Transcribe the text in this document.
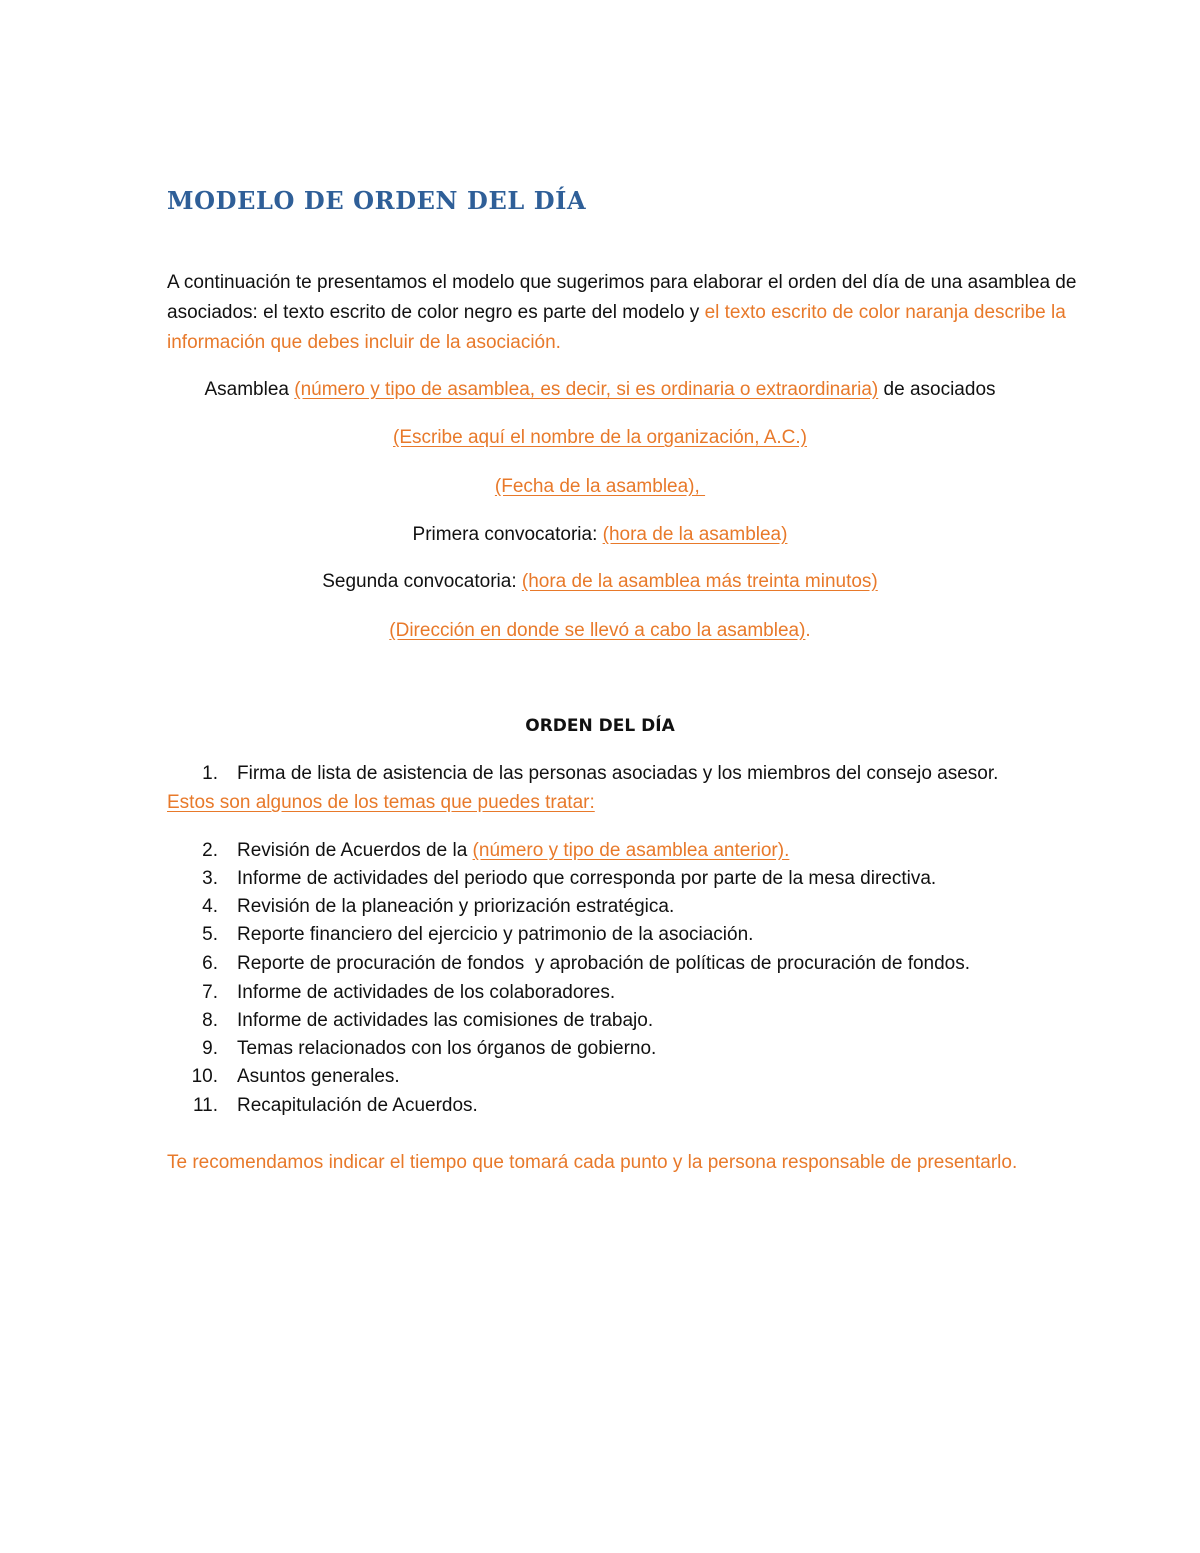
MODELO DE ORDEN DEL DÍA
A continuación te presentamos el modelo que sugerimos para elaborar el orden del día de una asamblea de
asociados: el texto escrito de color negro es parte del modelo y el texto escrito de color naranja describe la
información que debes incluir de la asociación.
Asamblea (número y tipo de asamblea, es decir, si es ordinaria o extraordinaria) de asociados
(Escribe aquí el nombre de la organización, A.C.)
(Fecha de la asamblea),
Primera convocatoria: (hora de la asamblea)
Segunda convocatoria: (hora de la asamblea más treinta minutos)
(Dirección en donde se llevó a cabo la asamblea).
ORDEN DEL DÍA
1. Firma de lista de asistencia de las personas asociadas y los miembros del consejo asesor.
Estos son algunos de los temas que puedes tratar:
2. Revisión de Acuerdos de la (número y tipo de asamblea anterior).
3. Informe de actividades del periodo que corresponda por parte de la mesa directiva.
4. Revisión de la planeación y priorización estratégica.
5. Reporte financiero del ejercicio y patrimonio de la asociación.
6. Reporte de procuración de fondos  y aprobación de políticas de procuración de fondos.
7. Informe de actividades de los colaboradores.
8. Informe de actividades las comisiones de trabajo.
9. Temas relacionados con los órganos de gobierno.
10. Asuntos generales.
11. Recapitulación de Acuerdos.
Te recomendamos indicar el tiempo que tomará cada punto y la persona responsable de presentarlo.
